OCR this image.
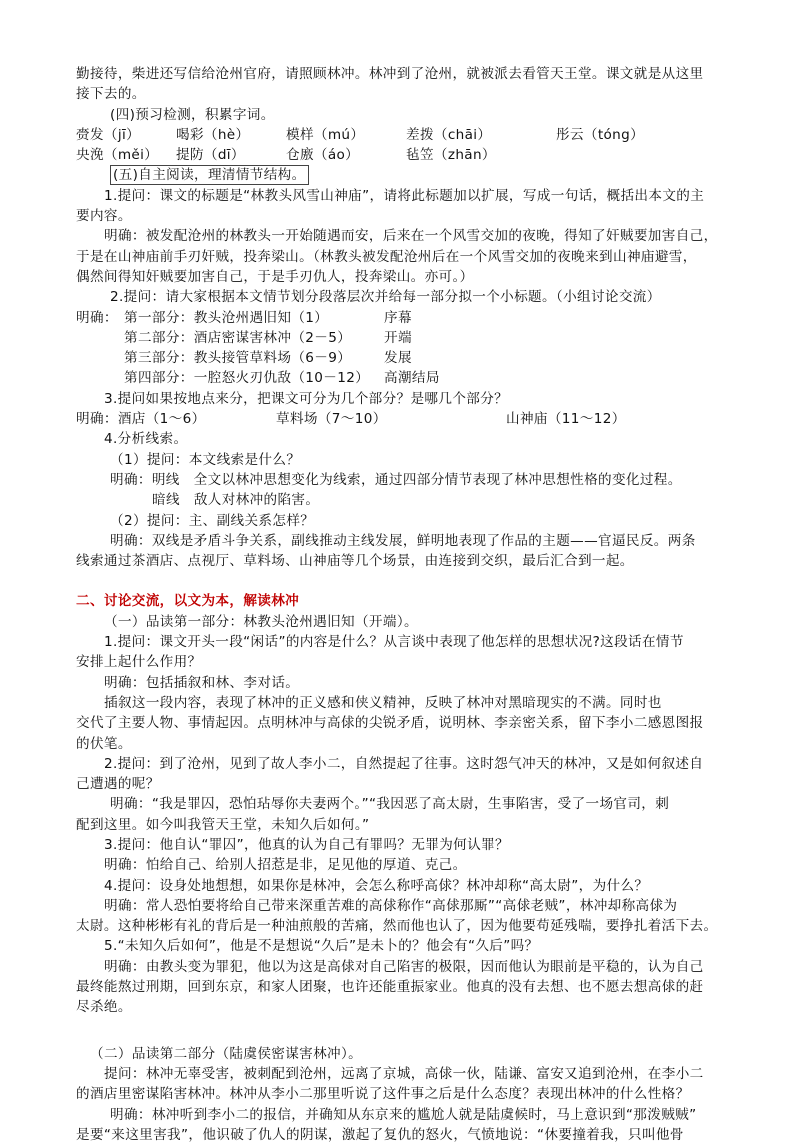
勤接待，柴进还写信给沧州官府，请照顾林冲。林冲到了沧州，就被派去看管天王堂。课文就是从这里
接下去的。
(四)预习检测，积累字词。
赍发（jī）	喝彩（hè）	模样（mú）	差拨（chāi）	彤云（tóng）
央浼（měi）	提防（dī）	仓廒（áo）	毡笠（zhān）
(五)自主阅读，理清情节结构。
1.提问：课文的标题是“林教头风雪山神庙”，请将此标题加以扩展，写成一句话，概括出本文的主
要内容。
明确：被发配沧州的林教头一开始随遇而安，后来在一个风雪交加的夜晚，得知了奸贼要加害自己，
于是在山神庙前手刃奸贼，投奔梁山。（林教头被发配沧州后在一个风雪交加的夜晚来到山神庙避雪，
偶然间得知奸贼要加害自己，于是手刃仇人，投奔梁山。亦可。）
2.提问：请大家根据本文情节划分段落层次并给每一部分拟一个小标题。（小组讨论交流）
明确： 第一部分：教头沧州遇旧知（1）	序幕
第二部分：酒店密谋害林冲（2－5）	开端
第三部分：教头接管草料场（6－9）	发展
第四部分：一腔怒火刃仇敌（10－12）	高潮结局
3.提问如果按地点来分，把课文可分为几个部分？是哪几个部分？
明确：酒店（1～6）	草料场（7～10）	山神庙（11～12）
4.分析线索。
（1）提问：本文线索是什么？
明确：明线　全文以林冲思想变化为线索，通过四部分情节表现了林冲思想性格的变化过程。
暗线　敌人对林冲的陷害。
（2）提问：主、副线关系怎样？
明确：双线是矛盾斗争关系，副线推动主线发展，鲜明地表现了作品的主题——官逼民反。两条
线索通过茶酒店、点视厅、草料场、山神庙等几个场景，由连接到交织，最后汇合到一起。
二、讨论交流，以文为本，解读林冲
（一）品读第一部分：林教头沧州遇旧知（开端）。
1.提问：课文开头一段“闲话”的内容是什么？从言谈中表现了他怎样的思想状况?这段话在情节
安排上起什么作用？
明确：包括插叙和林、李对话。
插叙这一段内容，表现了林冲的正义感和侠义精神，反映了林冲对黑暗现实的不满。同时也
交代了主要人物、事情起因。点明林冲与高俅的尖锐矛盾，说明林、李亲密关系，留下李小二感恩图报
的伏笔。
2.提问：到了沧州，见到了故人李小二，自然提起了往事。这时怨气冲天的林冲，又是如何叙述自
己遭遇的呢？
明确：“我是罪囚，恐怕玷辱你夫妻两个。”“我因恶了高太尉，生事陷害，受了一场官司，刺
配到这里。如今叫我管天王堂，未知久后如何。”
3.提问：他自认“罪囚”，他真的认为自己有罪吗？无罪为何认罪？
明确：怕给自己、给别人招惹是非，足见他的厚道、克己。
4.提问：设身处地想想，如果你是林冲，会怎么称呼高俅？林冲却称“高太尉”，为什么？
明确：常人恐怕要将给自己带来深重苦难的高俅称作“高俅那厮”“高俅老贼”，林冲却称高俅为
太尉。这种彬彬有礼的背后是一种油煎般的苦痛，然而他也认了，因为他要苟延残喘，要挣扎着活下去。
5.“未知久后如何”，他是不是想说“久后”是未卜的？他会有“久后”吗？
明确：由教头变为罪犯，他以为这是高俅对自己陷害的极限，因而他认为眼前是平稳的，认为自己
最终能熬过刑期，回到东京，和家人团聚，也许还能重振家业。他真的没有去想、也不愿去想高俅的赶
尽杀绝。
（二）品读第二部分（陆虞侯密谋害林冲）。
提问：林冲无辜受害，被刺配到沧州，远离了京城，高俅一伙，陆谦、富安又追到沧州，在李小二
的酒店里密谋陷害林冲。林冲从李小二那里听说了这件事之后是什么态度？表现出林冲的什么性格？
明确：林冲听到李小二的报信，并确知从东京来的尴尬人就是陆虞候时，马上意识到“那泼贼贼”
是要“来这里害我”，他识破了仇人的阴谋，激起了复仇的怒火，气愤地说：“休要撞着我，只叫他骨
